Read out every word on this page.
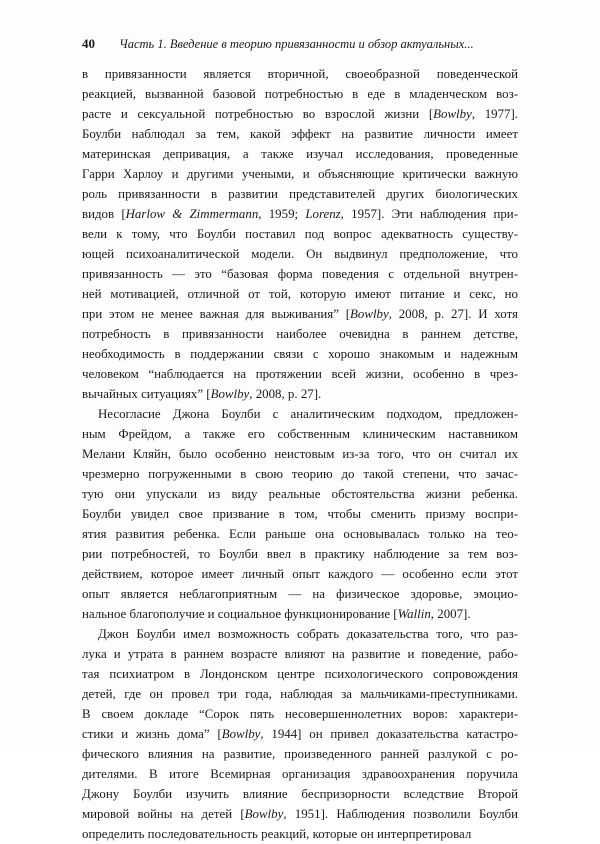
40 Часть 1. Введение в теорию привязанности и обзор актуальных...
в привязанности является вторичной, своеобразной поведенческой
реакцией, вызванной базовой потребностью в еде в младенческом воз-
расте и сексуальной потребностью во взрослой жизни [Bowlby, 1977].
Боулби наблюдал за тем, какой эффект на развитие личности имеет
материнская депривация, а также изучал исследования, проведенные
Гарри Харлоу и другими учеными, и объясняющие критически важную
роль привязанности в развитии представителей других биологических
видов [Harlow & Zimmermann, 1959; Lorenz, 1957]. Эти наблюдения при-
вели к тому, что Боулби поставил под вопрос адекватность существу-
ющей психоаналитической модели. Он выдвинул предположение, что
привязанность — это “базовая форма поведения с отдельной внутрен-
ней мотивацией, отличной от той, которую имеют питание и секс, но
при этом не менее важная для выживания” [Bowlby, 2008, p. 27]. И хотя
потребность в привязанности наиболее очевидна в раннем детстве,
необходимость в поддержании связи с хорошо знакомым и надежным
человеком “наблюдается на протяжении всей жизни, особенно в чрез-
вычайных ситуациях” [Bowlby, 2008, p. 27].
Несогласие Джона Боулби с аналитическим подходом, предложен-
ным Фрейдом, а также его собственным клиническим наставником
Мелани Кляйн, было особенно неистовым из-за того, что он считал их
чрезмерно погруженными в свою теорию до такой степени, что зачас-
тую они упускали из виду реальные обстоятельства жизни ребенка.
Боулби увидел свое призвание в том, чтобы сменить призму воспри-
ятия развития ребенка. Если раньше она основывалась только на тео-
рии потребностей, то Боулби ввел в практику наблюдение за тем воз-
действием, которое имеет личный опыт каждого — особенно если этот
опыт является неблагоприятным — на физическое здоровье, эмоцио-
нальное благополучие и социальное функционирование [Wallin, 2007].
Джон Боулби имел возможность собрать доказательства того, что раз-
лука и утрата в раннем возрасте влияют на развитие и поведение, рабо-
тая психиатром в Лондонском центре психологического сопровождения
детей, где он провел три года, наблюдая за мальчиками-преступниками.
В своем докладе “Сорок пять несовершеннолетних воров: характери-
стики и жизнь дома” [Bowlby, 1944] он привел доказательства катастро-
фического влияния на развитие, произведенного ранней разлукой с ро-
дителями. В итоге Всемирная организация здравоохранения поручила
Джону Боулби изучить влияние беспризорности вследствие Второй
мировой войны на детей [Bowlby, 1951]. Наблюдения позволили Боулби
определить последовательность реакций, которые он интерпретировал
